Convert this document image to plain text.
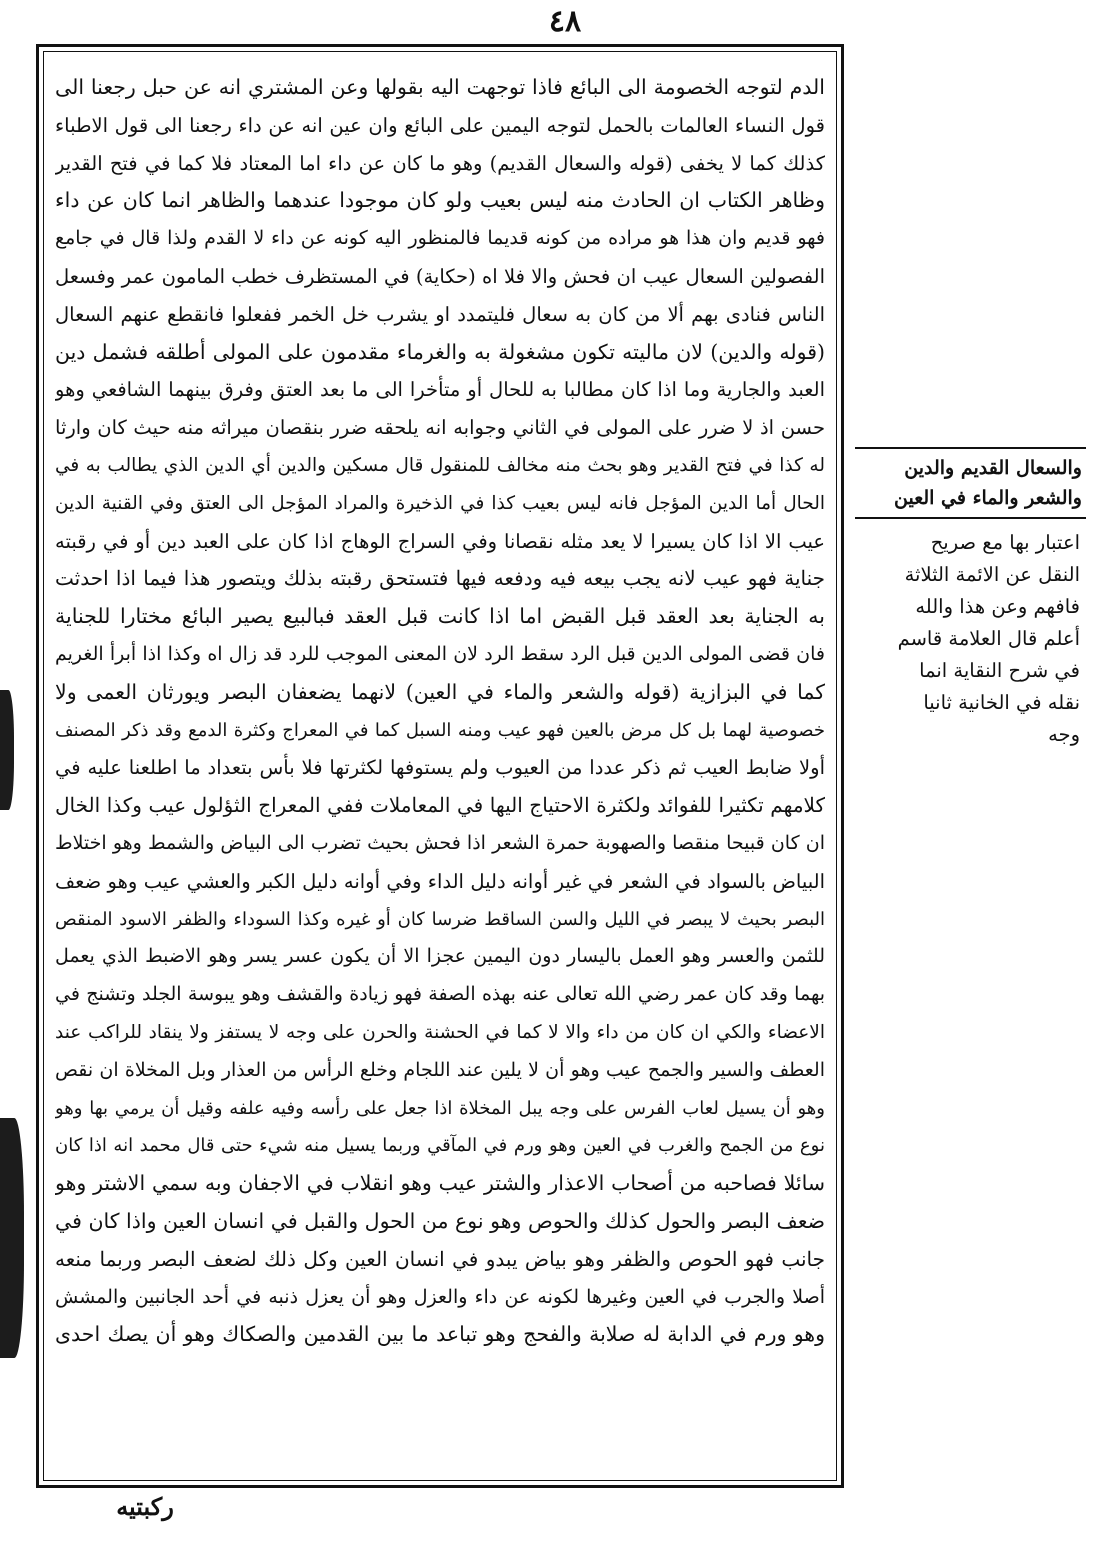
٤٨
الدم لتوجه الخصومة الى البائع فاذا توجهت اليه بقولها وعن المشتري انه عن حبل رجعنا الى
قول النساء العالمات بالحمل لتوجه اليمين على البائع وان عين انه عن داء رجعنا الى قول الاطباء
كذلك كما لا يخفى (قوله والسعال القديم) وهو ما كان عن داء اما المعتاد فلا كما في فتح القدير
وظاهر الكتاب ان الحادث منه ليس بعيب ولو كان موجودا عندهما والظاهر انما كان عن داء
فهو قديم وان هذا هو مراده من كونه قديما فالمنظور اليه كونه عن داء لا القدم ولذا قال في جامع
الفصولين السعال عيب ان فحش والا فلا اه (حكاية) في المستظرف خطب المامون عمر وفسعل
الناس فنادى بهم ألا من كان به سعال فليتمدد او يشرب خل الخمر ففعلوا فانقطع عنهم السعال
(قوله والدين) لان ماليته تكون مشغولة به والغرماء مقدمون على المولى أطلقه فشمل دين
العبد والجارية وما اذا كان مطالبا به للحال أو متأخرا الى ما بعد العتق وفرق بينهما الشافعي وهو
حسن اذ لا ضرر على المولى في الثاني وجوابه انه يلحقه ضرر بنقصان ميراثه منه حيث كان وارثا
له كذا في فتح القدير وهو بحث منه مخالف للمنقول قال مسكين والدين أي الدين الذي يطالب به في
الحال أما الدين المؤجل فانه ليس بعيب كذا في الذخيرة والمراد المؤجل الى العتق وفي القنية الدين
عيب الا اذا كان يسيرا لا يعد مثله نقصانا وفي السراج الوهاج اذا كان على العبد دين أو في رقبته
جناية فهو عيب لانه يجب بيعه فيه ودفعه فيها فتستحق رقبته بذلك ويتصور هذا فيما اذا احدثت
به الجناية بعد العقد قبل القبض اما اذا كانت قبل العقد فبالبيع يصير البائع مختارا للجناية
فان قضى المولى الدين قبل الرد سقط الرد لان المعنى الموجب للرد قد زال اه وكذا اذا أبرأ الغريم
كما في البزازية (قوله والشعر والماء في العين) لانهما يضعفان البصر ويورثان العمى ولا
خصوصية لهما بل كل مرض بالعين فهو عيب ومنه السبل كما في المعراج وكثرة الدمع وقد ذكر المصنف
أولا ضابط العيب ثم ذكر عددا من العيوب ولم يستوفها لكثرتها فلا بأس بتعداد ما اطلعنا عليه في
كلامهم تكثيرا للفوائد ولكثرة الاحتياج اليها في المعاملات ففي المعراج الثؤلول عيب وكذا الخال
ان كان قبيحا منقصا والصهوبة حمرة الشعر اذا فحش بحيث تضرب الى البياض والشمط وهو اختلاط
البياض بالسواد في الشعر في غير أوانه دليل الداء وفي أوانه دليل الكبر والعشي عيب وهو ضعف
البصر بحيث لا يبصر في الليل والسن الساقط ضرسا كان أو غيره وكذا السوداء والظفر الاسود المنقص
للثمن والعسر وهو العمل باليسار دون اليمين عجزا الا أن يكون عسر يسر وهو الاضبط الذي يعمل
بهما وقد كان عمر رضي الله تعالى عنه بهذه الصفة فهو زيادة والقشف وهو يبوسة الجلد وتشنج في
الاعضاء والكي ان كان من داء والا لا كما في الحشنة والحرن على وجه لا يستفز ولا ينقاد للراكب عند
العطف والسير والجمح عيب وهو أن لا يلين عند اللجام وخلع الرأس من العذار وبل المخلاة ان نقص
وهو أن يسيل لعاب الفرس على وجه يبل المخلاة اذا جعل على رأسه وفيه علفه وقيل أن يرمي بها وهو
نوع من الجمح والغرب في العين وهو ورم في المآقي وربما يسيل منه شيء حتى قال محمد انه اذا كان
سائلا فصاحبه من أصحاب الاعذار والشتر عيب وهو انقلاب في الاجفان وبه سمي الاشتر وهو
ضعف البصر والحول كذلك والحوص وهو نوع من الحول والقبل في انسان العين واذا كان في
جانب فهو الحوص والظفر وهو بياض يبدو في انسان العين وكل ذلك لضعف البصر وربما منعه
أصلا والجرب في العين وغيرها لكونه عن داء والعزل وهو أن يعزل ذنبه في أحد الجانبين والمشش
وهو ورم في الدابة له صلابة والفحج وهو تباعد ما بين القدمين والصكاك وهو أن يصك احدى
والسعال القديم والدين والشعر والماء في العين
اعتبار بها مع صريح
النقل عن الائمة الثلاثة
فافهم وعن هذا والله
أعلم قال العلامة قاسم
في شرح النقاية انما
نقله في الخانية ثانيا
وجه
ركبتيه
